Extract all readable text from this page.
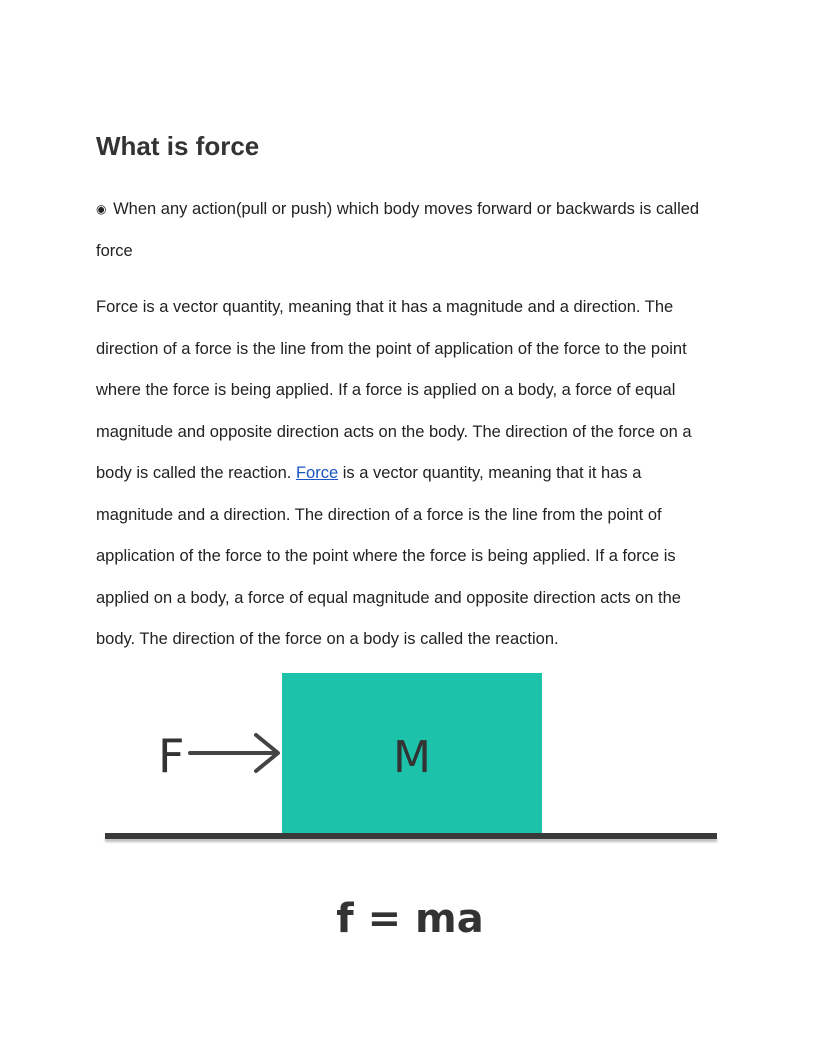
What is force
◉ When any action(pull or push) which body moves forward or backwards is called force
Force is a vector quantity, meaning that it has a magnitude and a direction. The direction of a force is the line from the point of application of the force to the point where the force is being applied. If a force is applied on a body, a force of equal magnitude and opposite direction acts on the body. The direction of the force on a body is called the reaction. Force is a vector quantity, meaning that it has a magnitude and a direction. The direction of a force is the line from the point of application of the force to the point where the force is being applied. If a force is applied on a body, a force of equal magnitude and opposite direction acts on the body. The direction of the force on a body is called the reaction.
F	M
f = ma
